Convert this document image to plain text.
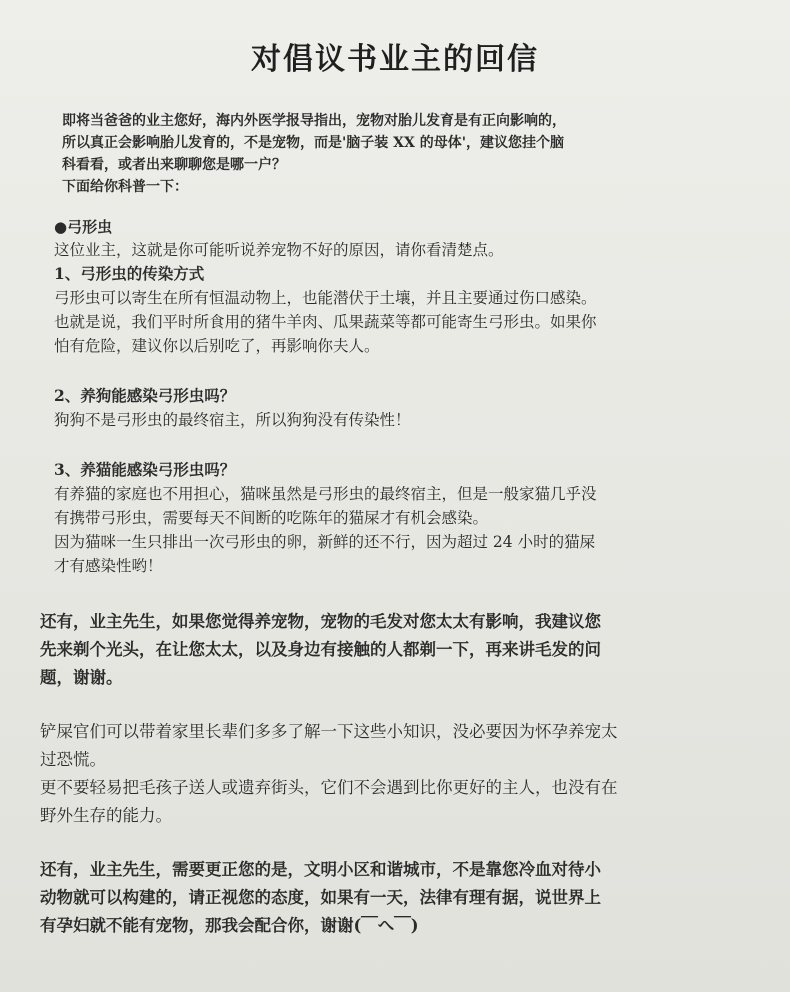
对倡议书业主的回信

即将当爸爸的业主您好，海内外医学报导指出，宠物对胎儿发育是有正向影响的，

所以真正会影响胎儿发育的，不是宠物，而是'脑子装 XX 的母体'，建议您挂个脑

科看看，或者出来聊聊您是哪一户？

下面给你科普一下：

●弓形虫

这位业主，这就是你可能听说养宠物不好的原因，请你看清楚点。

1、弓形虫的传染方式

弓形虫可以寄生在所有恒温动物上，也能潜伏于土壤，并且主要通过伤口感染。

也就是说，我们平时所食用的猪牛羊肉、瓜果蔬菜等都可能寄生弓形虫。如果你

怕有危险，建议你以后别吃了，再影响你夫人。

2、养狗能感染弓形虫吗？

狗狗不是弓形虫的最终宿主，所以狗狗没有传染性！

3、养猫能感染弓形虫吗？

有养猫的家庭也不用担心，猫咪虽然是弓形虫的最终宿主，但是一般家猫几乎没

有携带弓形虫，需要每天不间断的吃陈年的猫屎才有机会感染。

因为猫咪一生只排出一次弓形虫的卵，新鲜的还不行，因为超过 24 小时的猫屎

才有感染性哟！

还有，业主先生，如果您觉得养宠物，宠物的毛发对您太太有影响，我建议您

先来剃个光头，在让您太太，以及身边有接触的人都剃一下，再来讲毛发的问

题，谢谢。

铲屎官们可以带着家里长辈们多多了解一下这些小知识，没必要因为怀孕养宠太

过恐慌。

更不要轻易把毛孩子送人或遗弃街头，它们不会遇到比你更好的主人，也没有在

野外生存的能力。

还有，业主先生，需要更正您的是，文明小区和谐城市，不是靠您冷血对待小

动物就可以构建的，请正视您的态度，如果有一天，法律有理有据，说世界上

有孕妇就不能有宠物，那我会配合你，谢谢(￣へ￣)
